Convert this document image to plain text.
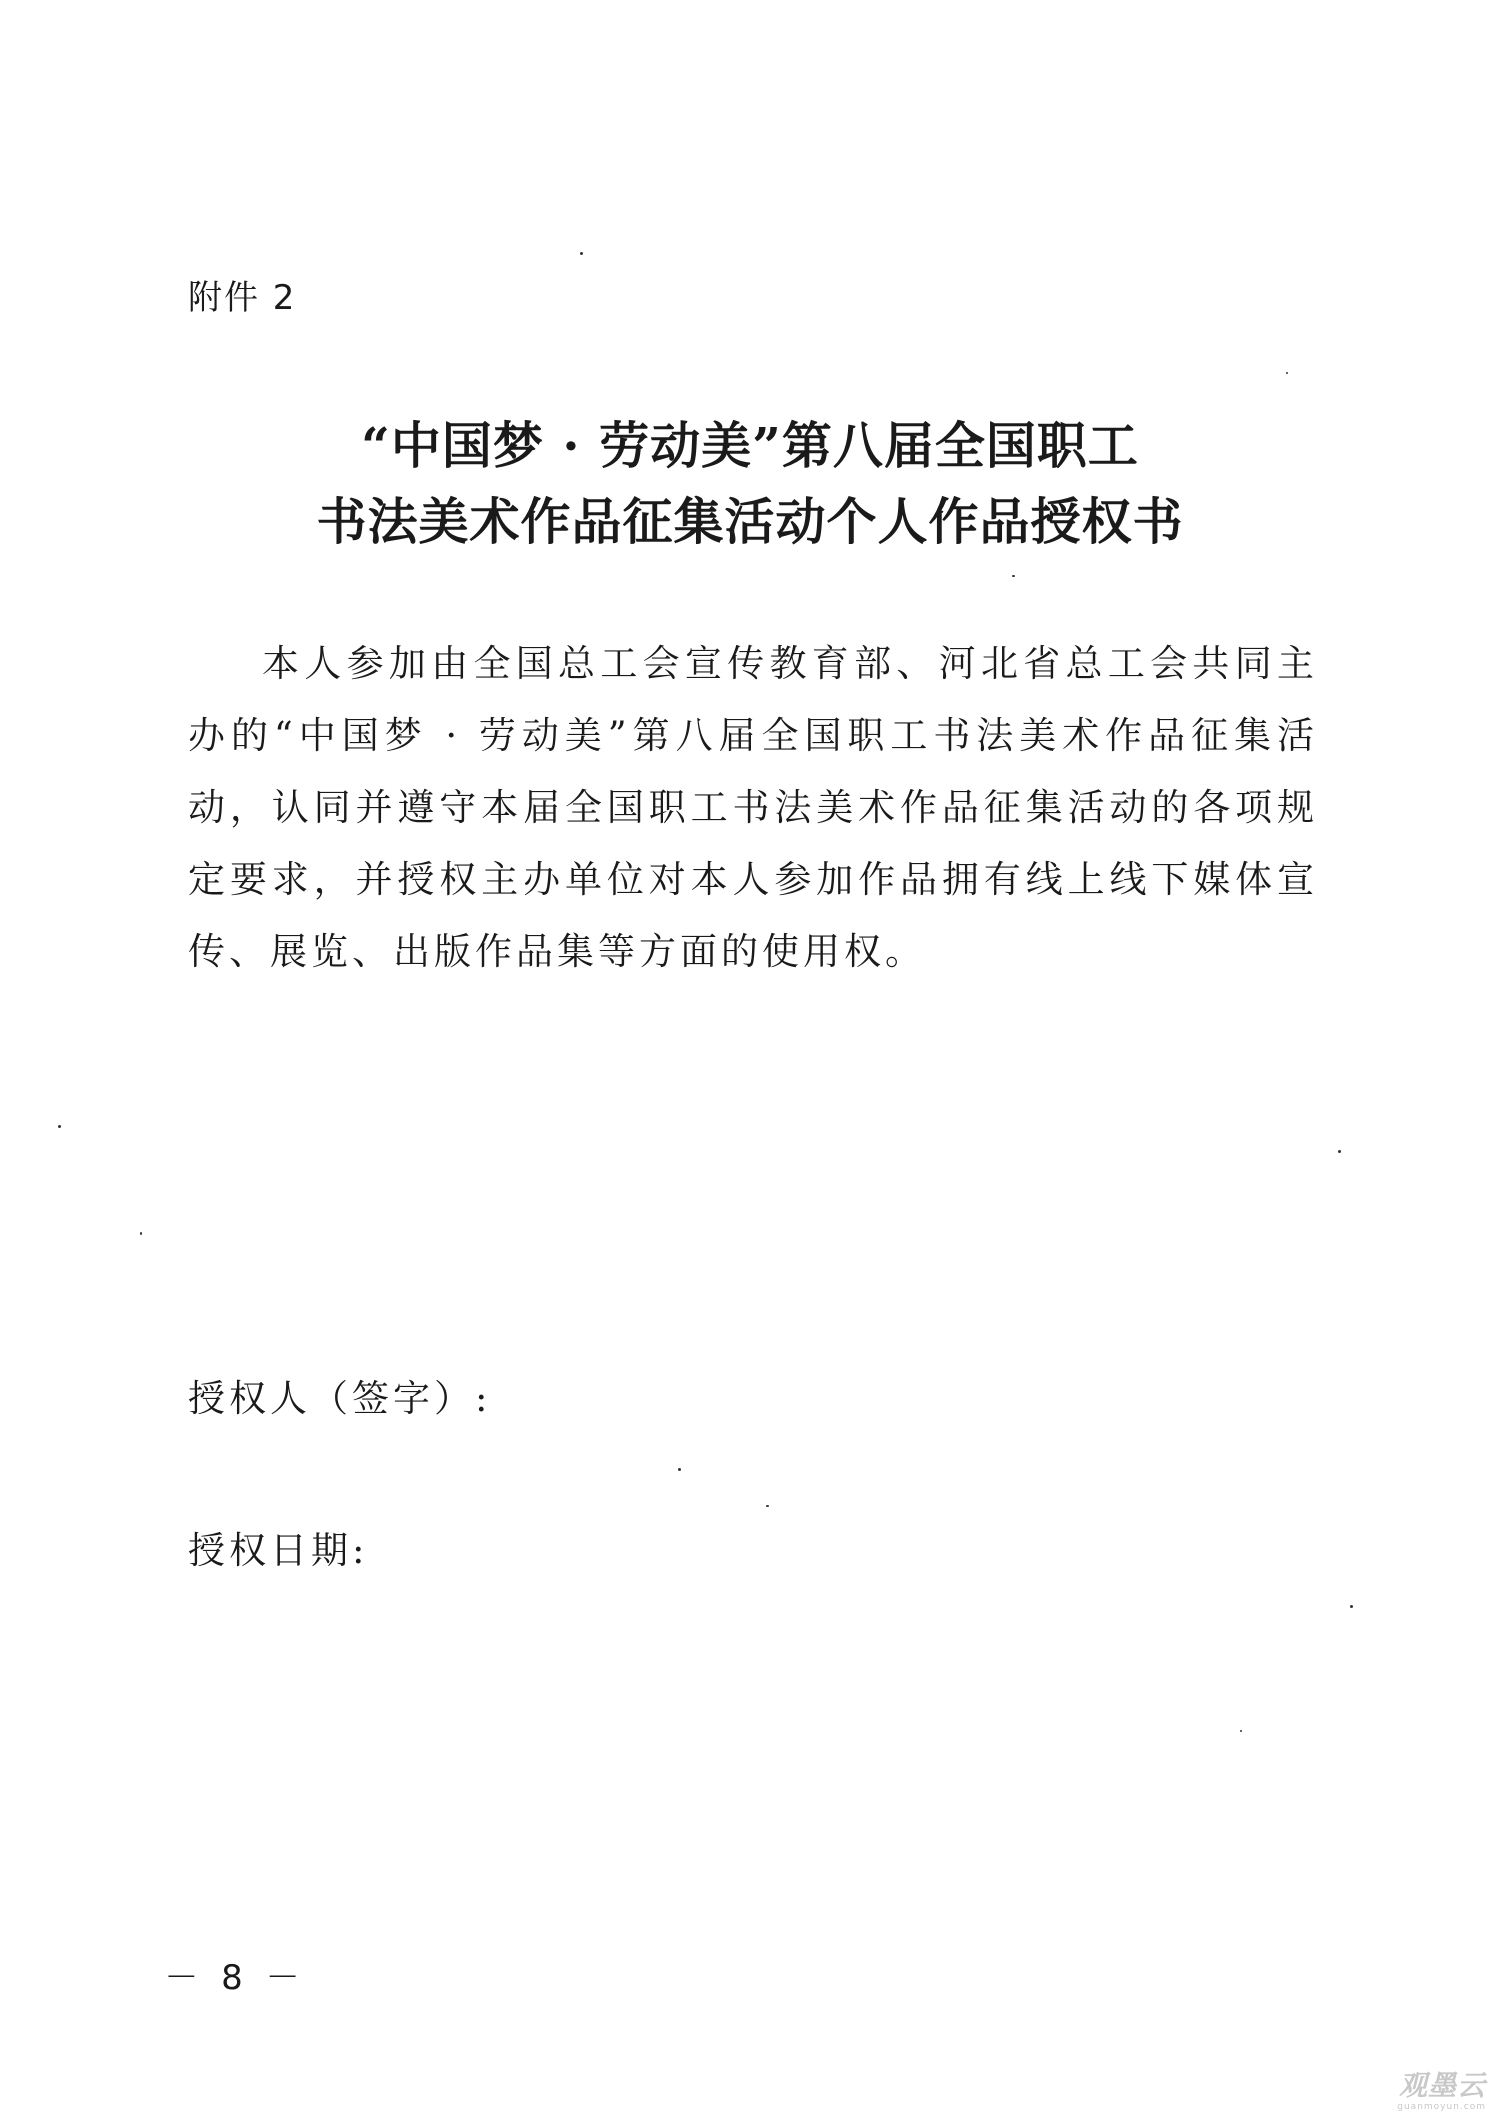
附件 2
“中国梦 · 劳动美”第八届全国职工
书法美术作品征集活动个人作品授权书

本人参加由全国总工会宣传教育部、河北省总工会共同主办的“中国梦 · 劳动美”第八届全国职工书法美术作品征集活动，认同并遵守本届全国职工书法美术作品征集活动的各项规定要求，并授权主办单位对本人参加作品拥有线上线下媒体宣传、展览、出版作品集等方面的使用权。

授权人（签字）:
授权日期:
－ 8 －
观墨云
guanmoyun.com
